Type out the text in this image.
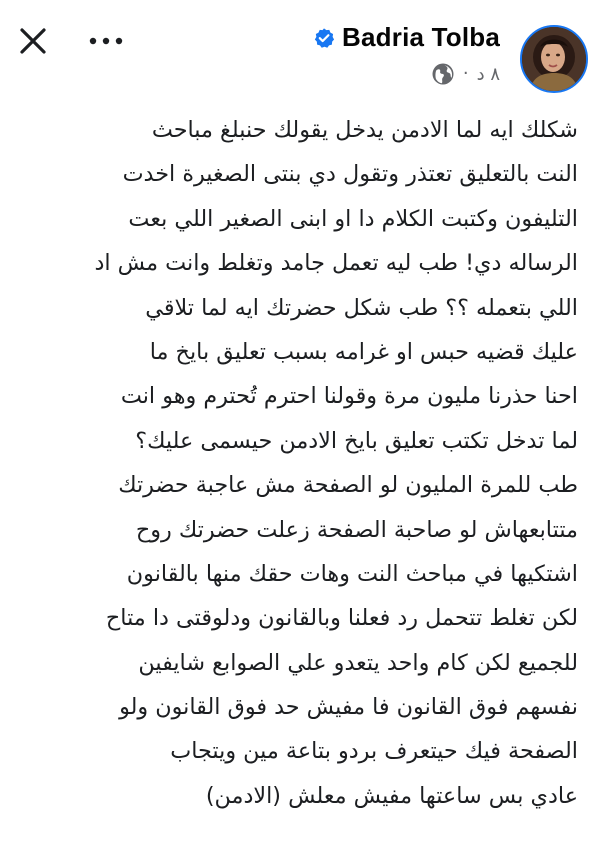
Badria Tolba
· ٨ د
شكلك ايه لما الادمن يدخل يقولك حنبلغ مباحث
النت بالتعليق تعتذر وتقول دي بنتى الصغيرة اخدت
التليفون وكتبت الكلام دا او ابنى الصغير اللي بعت
الرساله دي! طب ليه تعمل جامد وتغلط وانت مش اد
اللي بتعمله ؟؟ طب شكل حضرتك ايه لما تلاقي
عليك قضيه حبس او غرامه بسبب تعليق بايخ ما
احنا حذرنا مليون مرة وقولنا احترم تُحترم وهو انت
لما تدخل تكتب تعليق بايخ الادمن حيسمى عليك؟
طب للمرة المليون لو الصفحة مش عاجبة حضرتك
متتابعهاش لو صاحبة الصفحة زعلت حضرتك روح
اشتكيها في مباحث النت وهات حقك منها بالقانون
لكن تغلط تتحمل رد فعلنا وبالقانون ودلوقتى دا متاح
للجميع لكن كام واحد يتعدو علي الصوابع شايفين
نفسهم فوق القانون فا مفيش حد فوق القانون ولو
الصفحة فيك حيتعرف بردو بتاعة مين ويتجاب
عادي بس ساعتها مفيش معلش (الادمن)
